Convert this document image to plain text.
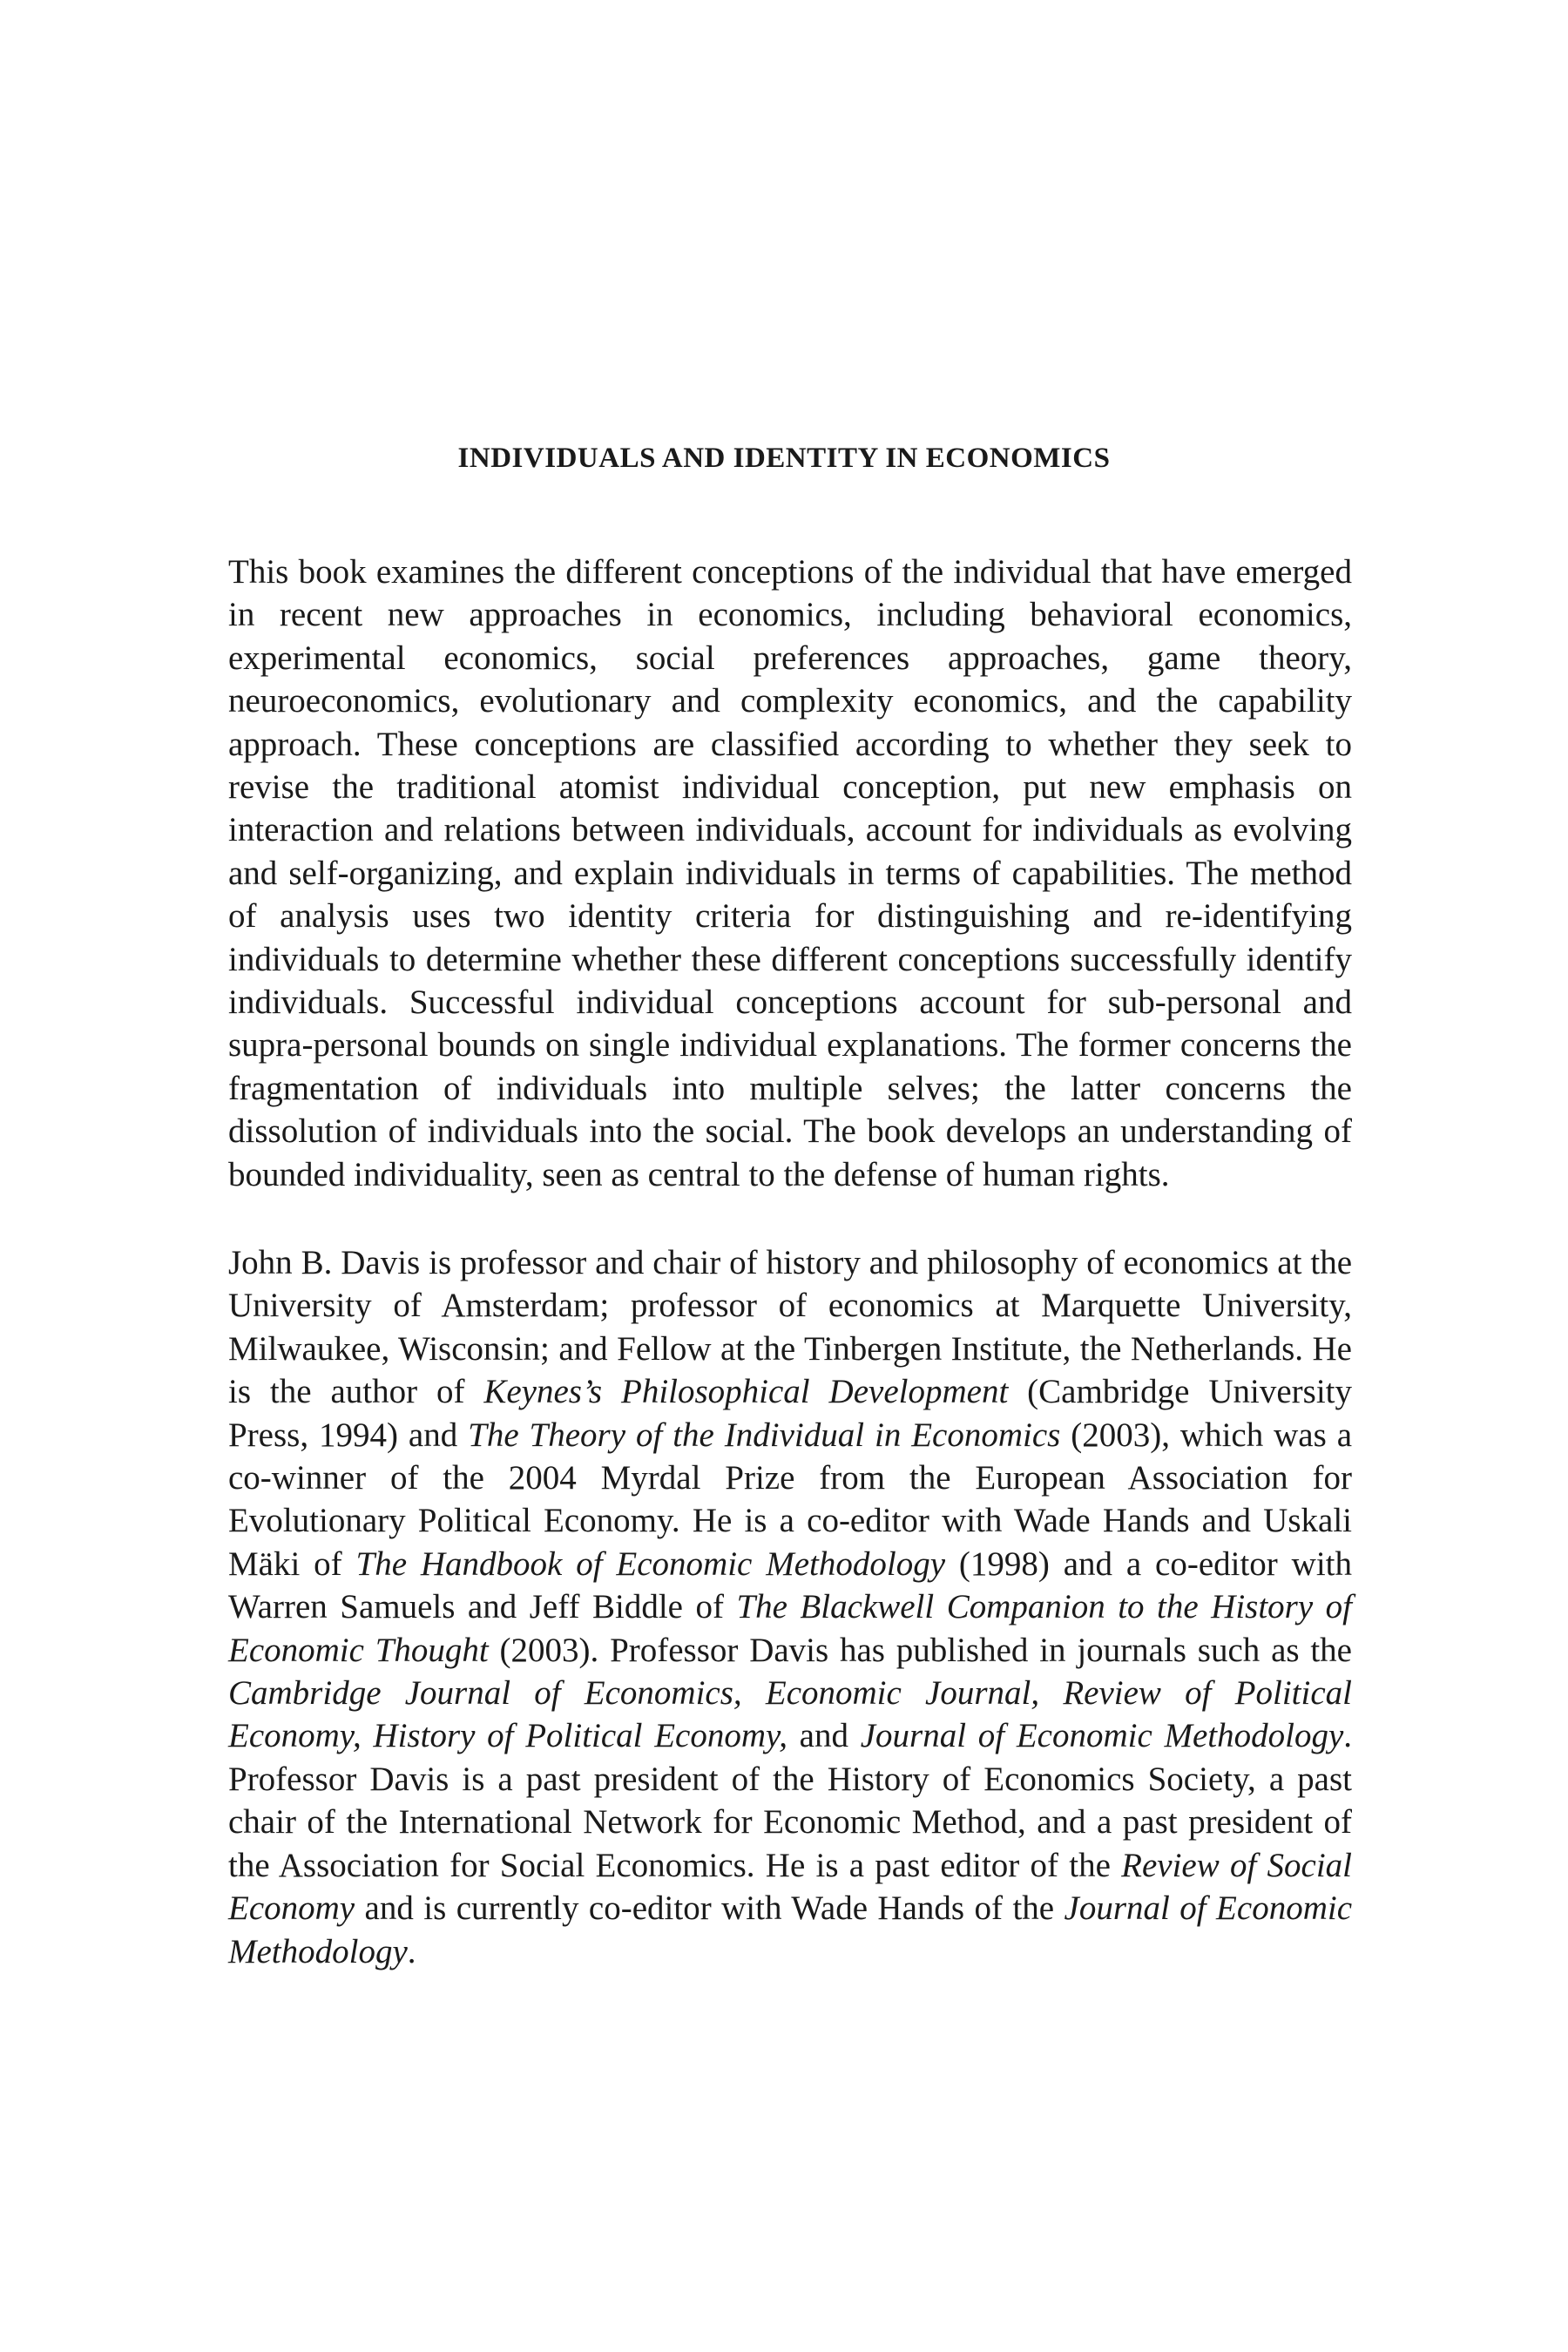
INDIVIDUALS AND IDENTITY IN ECONOMICS

This book examines the different conceptions of the individual that have emerged in recent new approaches in economics, including behavioral economics, experimental economics, social preferences approaches, game theory, neuroeconomics, evolutionary and complexity economics, and the capability approach. These conceptions are classified according to whether they seek to revise the traditional atomist individual conception, put new emphasis on interaction and relations between individuals, account for individuals as evolving and self-organizing, and explain individuals in terms of capabilities. The method of analysis uses two identity criteria for distinguishing and re-identifying individuals to determine whether these different conceptions successfully identify individuals. Successful individual conceptions account for sub-personal and supra-personal bounds on single individual explanations. The former concerns the fragmentation of individuals into multiple selves; the latter concerns the dissolution of individuals into the social. The book develops an understanding of bounded individuality, seen as central to the defense of human rights.

John B. Davis is professor and chair of history and philosophy of economics at the University of Amsterdam; professor of economics at Marquette University, Milwaukee, Wisconsin; and Fellow at the Tinbergen Institute, the Netherlands. He is the author of Keynes’s Philosophical Development (Cambridge University Press, 1994) and The Theory of the Individual in Economics (2003), which was a co-winner of the 2004 Myrdal Prize from the European Association for Evolutionary Political Economy. He is a co-editor with Wade Hands and Uskali Mäki of The Handbook of Economic Methodology (1998) and a co-editor with Warren Samuels and Jeff Biddle of The Blackwell Companion to the History of Economic Thought (2003). Professor Davis has published in journals such as the Cambridge Journal of Economics, Economic Journal, Review of Political Economy, History of Political Economy, and Journal of Economic Methodology. Professor Davis is a past president of the History of Economics Society, a past chair of the International Network for Economic Method, and a past president of the Association for Social Economics. He is a past editor of the Review of Social Economy and is currently co-editor with Wade Hands of the Journal of Economic Methodology.
